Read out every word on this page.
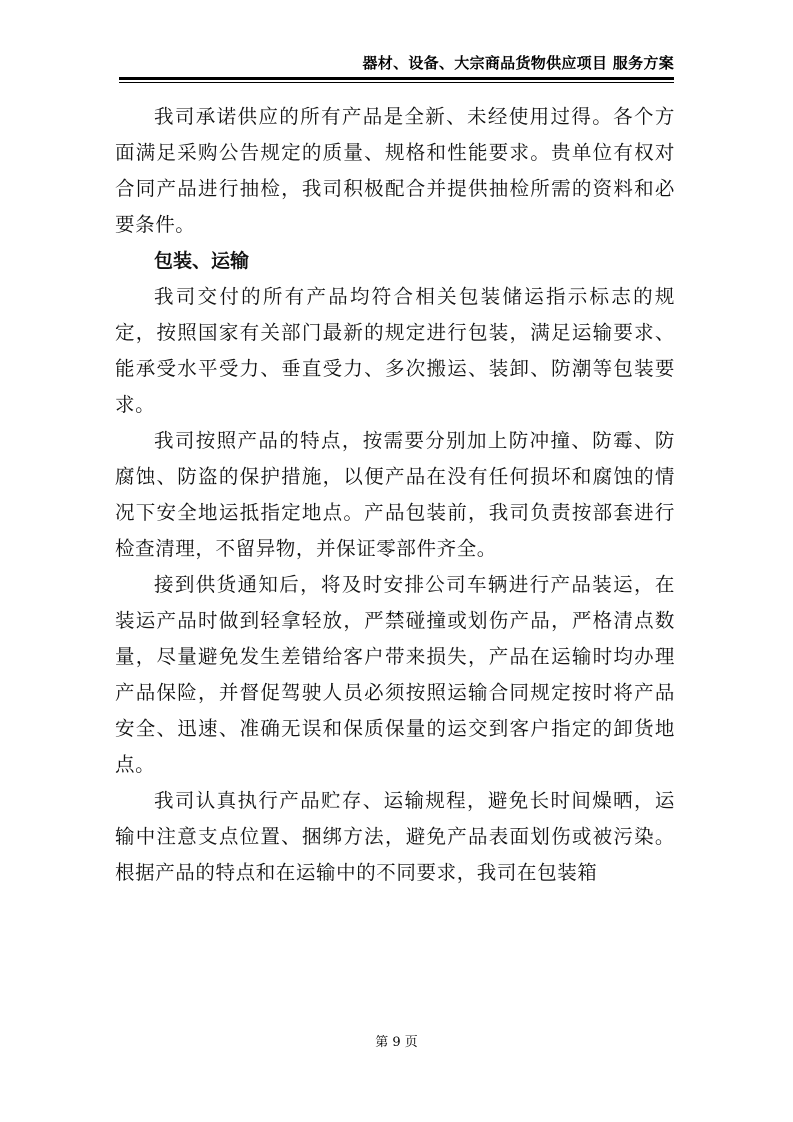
器材、设备、大宗商品货物供应项目 服务方案

我司承诺供应的所有产品是全新、未经使用过得。各个方面满足采购公告规定的质量、规格和性能要求。贵单位有权对合同产品进行抽检，我司积极配合并提供抽检所需的资料和必要条件。

包装、运输

我司交付的所有产品均符合相关包装储运指示标志的规定，按照国家有关部门最新的规定进行包装，满足运输要求、能承受水平受力、垂直受力、多次搬运、装卸、防潮等包装要求。

我司按照产品的特点，按需要分别加上防冲撞、防霉、防腐蚀、防盗的保护措施，以便产品在没有任何损坏和腐蚀的情况下安全地运抵指定地点。产品包装前，我司负责按部套进行检查清理，不留异物，并保证零部件齐全。

接到供货通知后，将及时安排公司车辆进行产品装运，在装运产品时做到轻拿轻放，严禁碰撞或划伤产品，严格清点数量，尽量避免发生差错给客户带来损失，产品在运输时均办理产品保险，并督促驾驶人员必须按照运输合同规定按时将产品安全、迅速、准确无误和保质保量的运交到客户指定的卸货地点。

我司认真执行产品贮存、运输规程，避免长时间燥晒，运输中注意支点位置、捆绑方法，避免产品表面划伤或被污染。根据产品的特点和在运输中的不同要求，我司在包装箱

第 9 页
